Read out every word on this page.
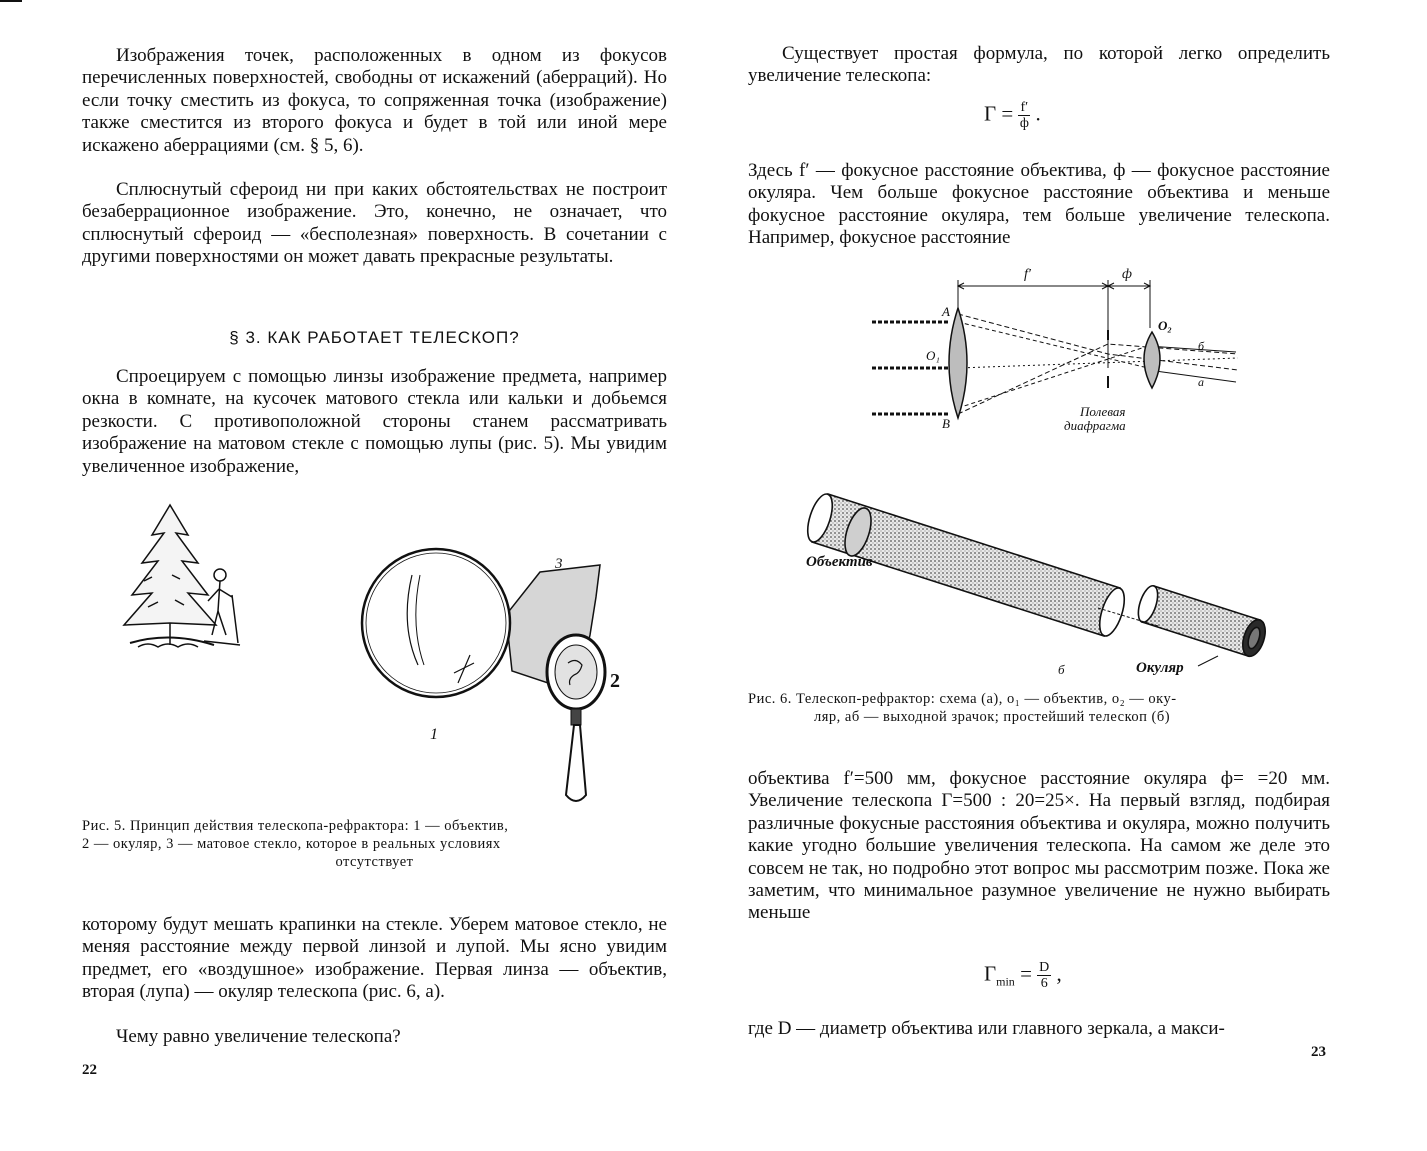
Изображения точек, расположенных в одном из фокусов перечисленных поверхностей, свободны от искажений (аберраций). Но если точку сместить из фокуса, то сопряженная точка (изображение) также сместится из второго фокуса и будет в той или иной мере искажено аберрациями (см. § 5, 6).

Сплюснутый сфероид ни при каких обстоятельствах не построит безаберрационное изображение. Это, конечно, не означает, что сплюснутый сфероид — «бесполезная» поверхность. В сочетании с другими поверхностями он может давать прекрасные результаты.

§ 3. КАК РАБОТАЕТ ТЕЛЕСКОП?

Спроецируем с помощью линзы изображение предмета, например окна в комнате, на кусочек матового стекла или кальки и добьемся резкости. С противоположной стороны станем рассматривать изображение на матовом стекле с помощью лупы (рис. 5). Мы увидим увеличенное изображение,

1
2
3
Рис. 5. Принцип действия телескопа-рефрактора: 1 — объектив,
2 — окуляр, 3 — матовое стекло, которое в реальных условиях
отсутствует

которому будут мешать крапинки на стекле. Уберем матовое стекло, не меняя расстояние между первой линзой и лупой. Мы ясно увидим предмет, его «воздушное» изображение. Первая линза — объектив, вторая (лупа) — окуляр телескопа (рис. 6, а).

Чему равно увеличение телескопа?

22

Существует простая формула, по которой легко определить увеличение телескопа:

$Г = \frac{f'}{ф}$ .

Здесь f′ — фокусное расстояние объектива, ф — фокусное расстояние окуляра. Чем больше фокусное расстояние объектива и меньше фокусное расстояние окуляра, тем больше увеличение телескопа. Например, фокусное расстояние

f′	ф
A
B
O₁
O₂
б
a
Полевая
диафрагма
Объектив
Окуляр
б
Рис. 6. Телескоп-рефрактор: схема (а), o₁ — объектив, o₂ — оку-
ляр, аб — выходной зрачок; простейший телескоп (б)

объектива f′=500 мм, фокусное расстояние окуляра ф= =20 мм. Увеличение телескопа Г=500 : 20=25×. На первый взгляд, подбирая различные фокусные расстояния объектива и окуляра, можно получить какие угодно большие увеличения телескопа. На самом же деле это совсем не так, но подробно этот вопрос мы рассмотрим позже. Пока же заметим, что минимальное разумное увеличение не нужно выбирать меньше

$Г_{min} = \frac{D}{6}$ ,

где D — диаметр объектива или главного зеркала, а макси-

23
